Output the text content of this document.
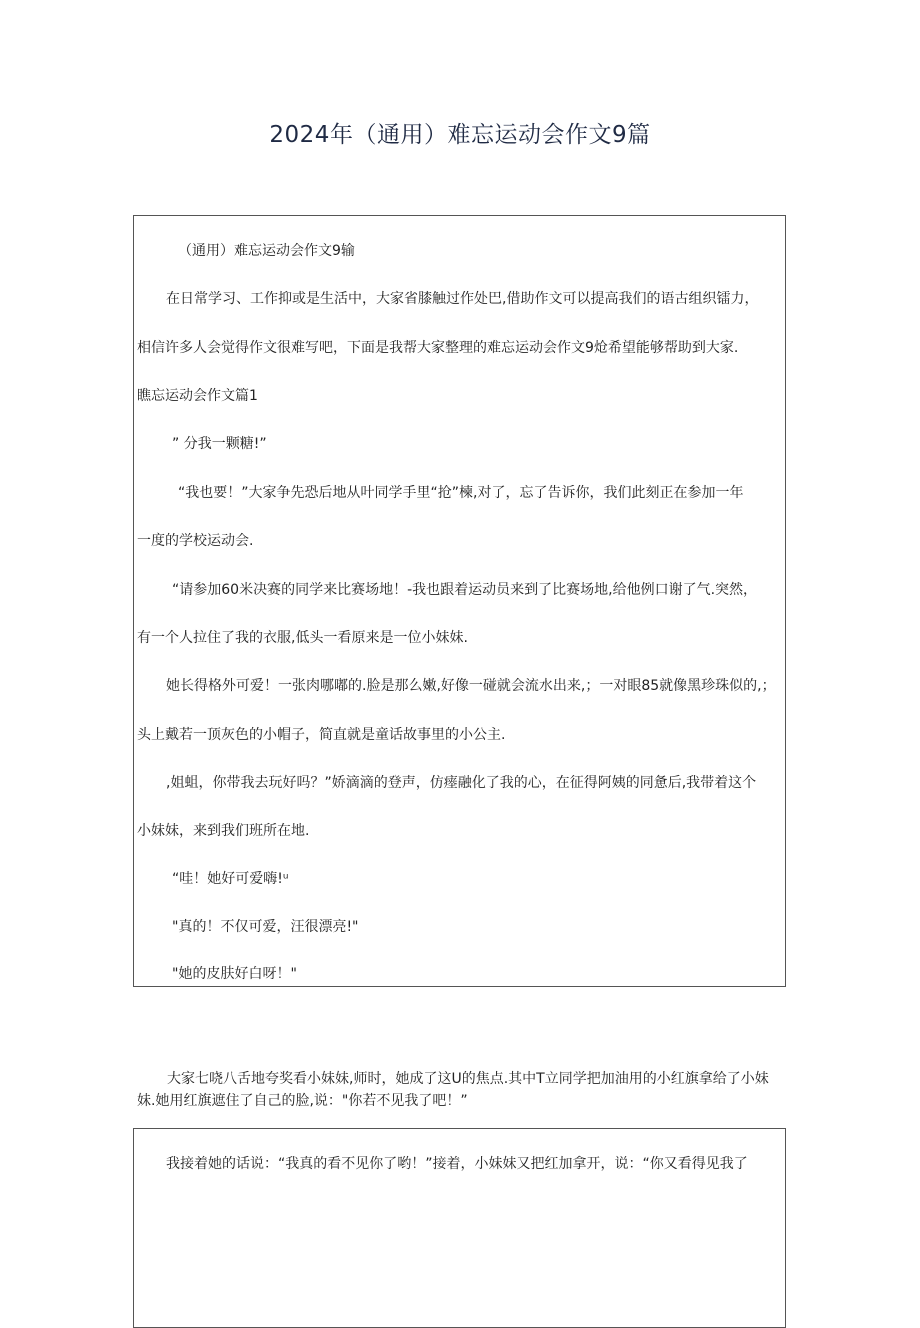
2024年（通用）难忘运动会作文9篇

（通用）难忘运动会作文9输

在日常学习、工作抑或是生活中，大家省膝触过作处巴,借助作文可以提高我们的语古组织镭力，

相信许多人会觉得作文很难写吧，下面是我帮大家整理的难忘运动会作文9炝希望能够帮助到大家.

瞧忘运动会作文篇1

” 分我一颗糖!”

“我也要！”大家争先恐后地从叶同学手里“抢”楝,对了，忘了告诉你，我们此刻正在参加一年

一度的学校运动会.

“请参加60米决赛的同学来比赛场地！-我也跟着运动员来到了比赛场地,给他例口谢了气.突然，

有一个人拉住了我的衣服,低头一看原来是一位小妹妹.

她长得格外可爱！一张肉哪嘟的.脸是那么嫩,好像一碰就会流水出来,；一对眼85就像黑珍珠似的,；

头上戴若一顶灰色的小帽子，简直就是童话故事里的小公主.

,姐蛆，你带我去玩好吗？”娇滴滴的登声，仿瘗融化了我的心，在征得阿姨的同惫后,我带着这个

小妹妹，来到我们班所在地.

“哇！她好可爱嗨!ᵘ

"真的！不仅可爱，汪很漂亮!"

"她的皮肤好白呀！"

大家七哓八舌地夸奖看小妹妹,师时，她成了这U的焦点.其中T立同学把加油用的小红旗拿给了小妹妹.她用红旗遮住了自己的脸,说："你若不见我了吧！”

我接着她的话说：“我真的看不见你了哟！”接着，小妹妹又把红加拿开，说：“你又看得见我了
